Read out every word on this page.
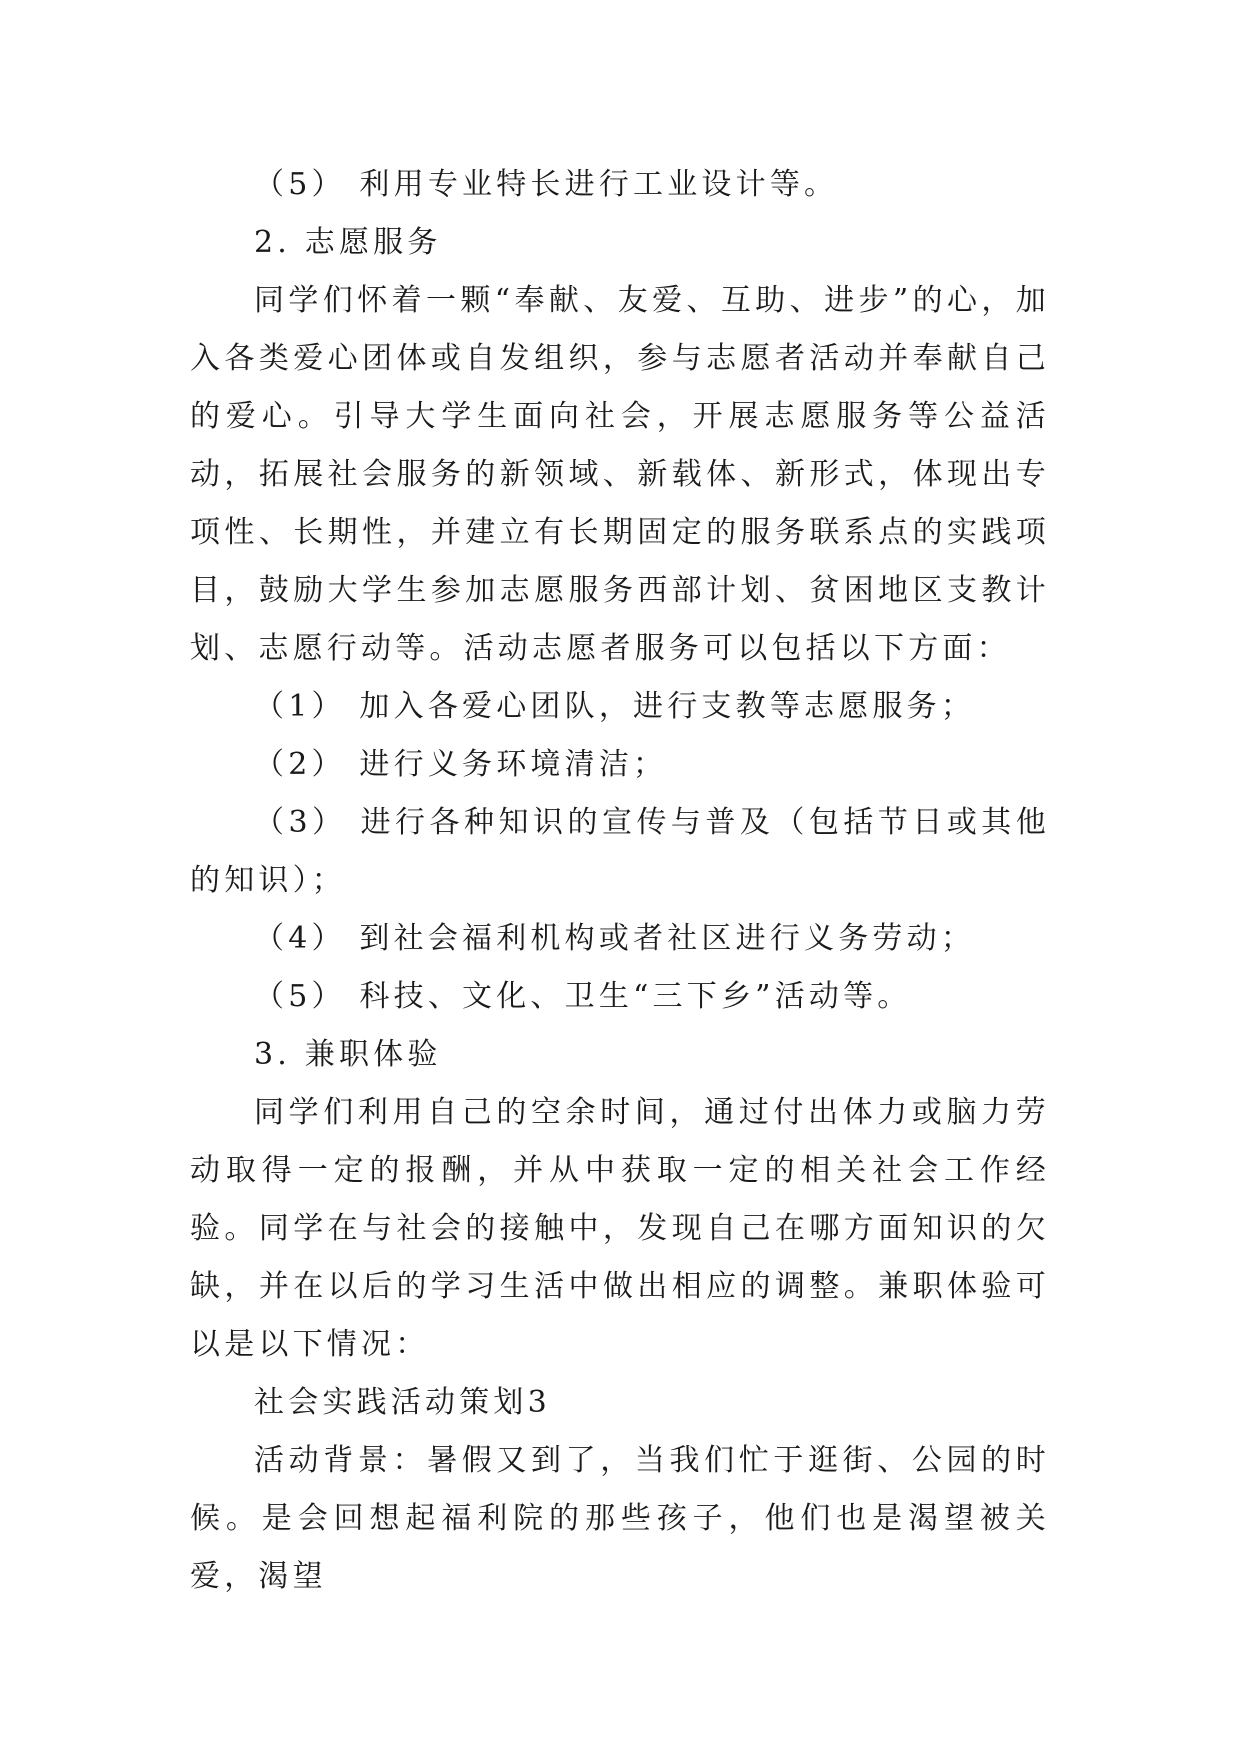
（5） 利用专业特长进行工业设计等。

2. 志愿服务

同学们怀着一颗“奉献、友爱、互助、进步”的心，加入各类爱心团体或自发组织，参与志愿者活动并奉献自己的爱心。引导大学生面向社会，开展志愿服务等公益活动，拓展社会服务的新领域、新载体、新形式，体现出专项性、长期性，并建立有长期固定的服务联系点的实践项目，鼓励大学生参加志愿服务西部计划、贫困地区支教计划、志愿行动等。活动志愿者服务可以包括以下方面：

（1） 加入各爱心团队，进行支教等志愿服务；

（2） 进行义务环境清洁；

（3） 进行各种知识的宣传与普及（包括节日或其他的知识）；

（4） 到社会福利机构或者社区进行义务劳动；

（5） 科技、文化、卫生“三下乡”活动等。

3. 兼职体验

同学们利用自己的空余时间，通过付出体力或脑力劳动取得一定的报酬，并从中获取一定的相关社会工作经验。同学在与社会的接触中，发现自己在哪方面知识的欠缺，并在以后的学习生活中做出相应的调整。兼职体验可以是以下情况：

社会实践活动策划3

活动背景：暑假又到了，当我们忙于逛街、公园的时候。是会回想起福利院的那些孩子，他们也是渴望被关爱，渴望
